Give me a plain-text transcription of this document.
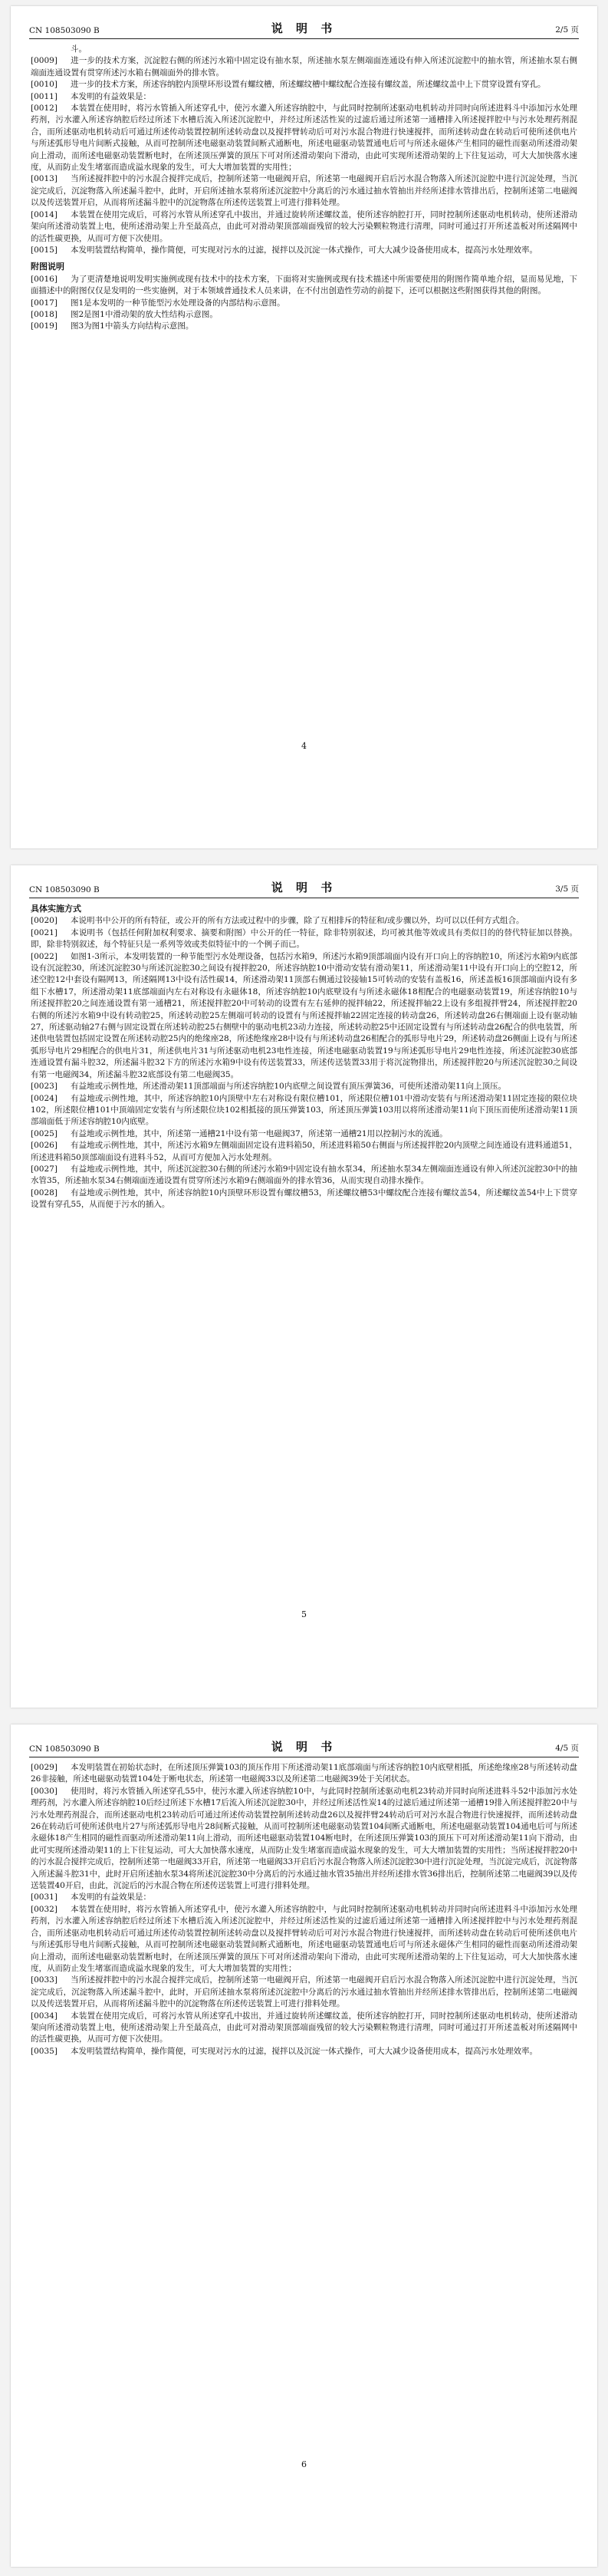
CN 108503090 B	说 明 书	2/5 页

斗。

[0009] 进一步的技术方案，沉淀腔右侧的所述污水箱中固定设有抽水泵，所述抽水泵左侧端面连通设有伸入所述沉淀腔中的抽水管，所述抽水泵右侧端面连通设置有贯穿所述污水箱右侧端面外的排水管。

[0010] 进一步的技术方案，所述容纳腔内顶壁环形设置有螺纹槽，所述螺纹槽中螺纹配合连接有螺纹盖，所述螺纹盖中上下贯穿设置有穿孔。

[0011] 本发明的有益效果是：

[0012] 本装置在使用时，将污水管插入所述穿孔中，使污水灌入所述容纳腔中，与此同时控制所述驱动电机转动并同时向所述进料斗中添加污水处理药剂，污水灌入所述容纳腔后经过所述下水槽后流入所述沉淀腔中，并经过所述活性炭的过滤后通过所述第一通槽排入所述搅拌腔中与污水处理药剂混合，而所述驱动电机转动后可通过所述传动装置控制所述转动盘以及搅拌臂转动后可对污水混合物进行快速搅拌，而所述转动盘在转动后可使所述供电片与所述弧形导电片间断式接触，从而可控制所述电磁驱动装置间断式通断电，所述电磁驱动装置通电后可与所述永磁体产生相同的磁性而驱动所述滑动架向上滑动，而所述电磁驱动装置断电时，在所述顶压弹簧的顶压下可对所述滑动架向下滑动，由此可实现所述滑动架的上下往复运动，可大大加快落水速度，从而防止发生堵塞而造成溢水现象的发生，可大大增加装置的实用性；

[0013] 当所述搅拌腔中的污水混合搅拌完成后，控制所述第一电磁阀开启，所述第一电磁阀开启后污水混合物落入所述沉淀腔中进行沉淀处理，当沉淀完成后，沉淀物落入所述漏斗腔中，此时，开启所述抽水泵将所述沉淀腔中分离后的污水通过抽水管抽出并经所述排水管排出后，控制所述第二电磁阀以及传送装置开启，从而将所述漏斗腔中的沉淀物落在所述传送装置上可进行排料处理。

[0014] 本装置在使用完成后，可将污水管从所述穿孔中拔出，并通过旋转所述螺纹盖，使所述容纳腔打开，同时控制所述驱动电机转动，使所述滑动架向所述滑动装置上电，使所述滑动架上升至最高点，由此可对滑动架顶部端面残留的较大污染颗粒物进行清理，同时可通过打开所述盖板对所述隔网中的活性碳更换，从而可方便下次使用。

[0015] 本发明装置结构简单，操作简便，可实现对污水的过滤，搅拌以及沉淀一体式操作，可大大减少设备使用成本，提高污水处理效率。

附图说明

[0016] 为了更清楚地说明发明实施例或现有技术中的技术方案，下面将对实施例或现有技术描述中所需要使用的附图作简单地介绍，显而易见地，下面描述中的附图仅仅是发明的一些实施例，对于本领域普通技术人员来讲，在不付出创造性劳动的前提下，还可以根据这些附图获得其他的附图。

[0017] 图1是本发明的一种节能型污水处理设备的内部结构示意图。

[0018] 图2是图1中滑动架的放大性结构示意图。

[0019] 图3为图1中箭头方向结构示意图。

4
CN 108503090 B	说 明 书	3/5 页
具体实施方式

[0020] 本说明书中公开的所有特征，或公开的所有方法或过程中的步骤，除了互相排斥的特征和/或步骤以外，均可以以任何方式组合。

[0021] 本说明书（包括任何附加权利要求、摘要和附图）中公开的任一特征，除非特别叙述，均可被其他等效或具有类似目的的替代特征加以替换。即，除非特别叙述，每个特征只是一系列等效或类似特征中的一个例子而已。

[0022] 如图1-3所示，本发明装置的一种节能型污水处理设备，包括污水箱9，所述污水箱9顶部端面内设有开口向上的容纳腔10，所述污水箱9内底部设有沉淀腔30，所述沉淀腔30与所述沉淀腔30之间设有搅拌腔20，所述容纳腔10中滑动安装有滑动架11，所述滑动架11中设有开口向上的空腔12，所述空腔12中套设有隔网13，所述隔网13中设有活性碳14，所述滑动架11顶部右侧通过铰接轴15可转动的安装有盖板16，所述盖板16顶部端面内设有多组下水槽17，所述滑动架11底部端面内左右对称设有永磁体18，所述容纳腔10内底壁设有与所述永磁体18相配合的电磁驱动装置19，所述容纳腔10与所述搅拌腔20之间连通设置有第一通槽21，所述搅拌腔20中可转动的设置有左右延伸的搅拌轴22，所述搅拌轴22上设有多组搅拌臂24，所述搅拌腔20右侧的所述污水箱9中设有转动腔25，所述转动腔25左侧端可转动的设置有与所述搅拌轴22固定连接的转动盘26，所述转动盘26右侧端面上设有驱动轴27，所述驱动轴27右侧与固定设置在所述转动腔25右侧壁中的驱动电机23动力连接，所述转动腔25中还固定设置有与所述转动盘26配合的供电装置，所述供电装置包括固定设置在所述转动腔25内的绝缘座28，所述绝缘座28中设有与所述转动盘26相配合的弧形导电片29，所述转动盘26侧面上设有与所述弧形导电片29相配合的供电片31，所述供电片31与所述驱动电机23电性连接，所述电磁驱动装置19与所述弧形导电片29电性连接，所述沉淀腔30底部连通设置有漏斗腔32，所述漏斗腔32下方的所述污水箱9中设有传送装置33，所述传送装置33用于将沉淀物排出，所述搅拌腔20与所述沉淀腔30之间设有第一电磁阀34，所述漏斗腔32底部设有第二电磁阀35。

[0023] 有益地或示例性地，所述滑动架11顶部端面与所述容纳腔10内底壁之间设置有顶压弹簧36，可使所述滑动架11向上顶压。

[0024] 有益地或示例性地，其中，所述容纳腔10内顶壁中左右对称设有限位槽101，所述限位槽101中滑动安装有与所述滑动架11固定连接的限位块102，所述限位槽101中顶端固定安装有与所述限位块102相抵接的顶压弹簧103，所述顶压弹簧103用以将所述滑动架11向下顶压而使所述滑动架11顶部端面低于所述容纳腔10内底壁。

[0025] 有益地或示例性地，其中，所述第一通槽21中设有第一电磁阀37，所述第一通槽21用以控制污水的流通。

[0026] 有益地或示例性地，其中，所述污水箱9左侧端面固定设有进料箱50，所述进料箱50右侧面与所述搅拌腔20内顶壁之间连通设有进料通道51，所述进料箱50顶部端面设有进料斗52，从而可方便加入污水处理剂。

[0027] 有益地或示例性地，其中，所述沉淀腔30右侧的所述污水箱9中固定设有抽水泵34，所述抽水泵34左侧端面连通设有伸入所述沉淀腔30中的抽水管35，所述抽水泵34右侧端面连通设置有贯穿所述污水箱9右侧端面外的排水管36，从而实现自动排水操作。

[0028] 有益地或示例性地，其中，所述容纳腔10内顶壁环形设置有螺纹槽53，所述螺纹槽53中螺纹配合连接有螺纹盖54，所述螺纹盖54中上下贯穿设置有穿孔55，从而便于污水的插入。

5
CN 108503090 B	说 明 书	4/5 页

[0029] 本发明装置在初始状态时，在所述顶压弹簧103的顶压作用下所述滑动架11底部端面与所述容纳腔10内底壁相抵，所述绝缘座28与所述转动盘26非接触，所述电磁驱动装置104处于断电状态，所述第一电磁阀33以及所述第二电磁阀39处于关闭状态。

[0030] 使用时，将污水管插入所述穿孔55中，使污水灌入所述容纳腔10中，与此同时控制所述驱动电机23转动并同时向所述进料斗52中添加污水处理药剂，污水灌入所述容纳腔10后经过所述下水槽17后流入所述沉淀腔30中，并经过所述活性炭14的过滤后通过所述第一通槽19排入所述搅拌腔20中与污水处理药剂混合，而所述驱动电机23转动后可通过所述传动装置控制所述转动盘26以及搅拌臂24转动后可对污水混合物进行快速搅拌，而所述转动盘26在转动后可使所述供电片27与所述弧形导电片28间断式接触，从而可控制所述电磁驱动装置104间断式通断电，所述电磁驱动装置104通电后可与所述永磁体18产生相同的磁性而驱动所述滑动架11向上滑动，而所述电磁驱动装置104断电时，在所述顶压弹簧103的顶压下可对所述滑动架11向下滑动，由此可实现所述滑动架11的上下往复运动，可大大加快落水速度，从而防止发生堵塞而造成溢水现象的发生，可大大增加装置的实用性；当所述搅拌腔20中的污水混合搅拌完成后，控制所述第一电磁阀33开启，所述第一电磁阀33开启后污水混合物落入所述沉淀腔30中进行沉淀处理，当沉淀完成后，沉淀物落入所述漏斗腔31中，此时开启所述抽水泵34将所述沉淀腔30中分离后的污水通过抽水管35抽出并经所述排水管36排出后，控制所述第二电磁阀39以及传送装置40开启，由此，沉淀后的污水混合物在所述传送装置上可进行排料处理。

[0031] 本发明的有益效果是：

[0032] 本装置在使用时，将污水管插入所述穿孔中，使污水灌入所述容纳腔中，与此同时控制所述驱动电机转动并同时向所述进料斗中添加污水处理药剂，污水灌入所述容纳腔后经过所述下水槽后流入所述沉淀腔中，并经过所述活性炭的过滤后通过所述第一通槽排入所述搅拌腔中与污水处理药剂混合，而所述驱动电机转动后可通过所述传动装置控制所述转动盘以及搅拌臂转动后可对污水混合物进行快速搅拌，而所述转动盘在转动后可使所述供电片与所述弧形导电片间断式接触，从而可控制所述电磁驱动装置间断式通断电，所述电磁驱动装置通电后可与所述永磁体产生相同的磁性而驱动所述滑动架向上滑动，而所述电磁驱动装置断电时，在所述顶压弹簧的顶压下可对所述滑动架向下滑动，由此可实现所述滑动架的上下往复运动，可大大加快落水速度，从而防止发生堵塞而造成溢水现象的发生，可大大增加装置的实用性；

[0033] 当所述搅拌腔中的污水混合搅拌完成后，控制所述第一电磁阀开启，所述第一电磁阀开启后污水混合物落入所述沉淀腔中进行沉淀处理，当沉淀完成后，沉淀物落入所述漏斗腔中，此时，开启所述抽水泵将所述沉淀腔中分离后的污水通过抽水管抽出并经所述排水管排出后，控制所述第二电磁阀以及传送装置开启，从而将所述漏斗腔中的沉淀物落在所述传送装置上可进行排料处理。

[0034] 本装置在使用完成后，可将污水管从所述穿孔中拔出，并通过旋转所述螺纹盖，使所述容纳腔打开，同时控制所述驱动电机转动，使所述滑动架向所述滑动装置上电，使所述滑动架上升至最高点，由此可对滑动架顶部端面残留的较大污染颗粒物进行清理，同时可通过打开所述盖板对所述隔网中的活性碳更换，从而可方便下次使用。

[0035] 本发明装置结构简单，操作简便，可实现对污水的过滤，搅拌以及沉淀一体式操作，可大大减少设备使用成本，提高污水处理效率。

6
